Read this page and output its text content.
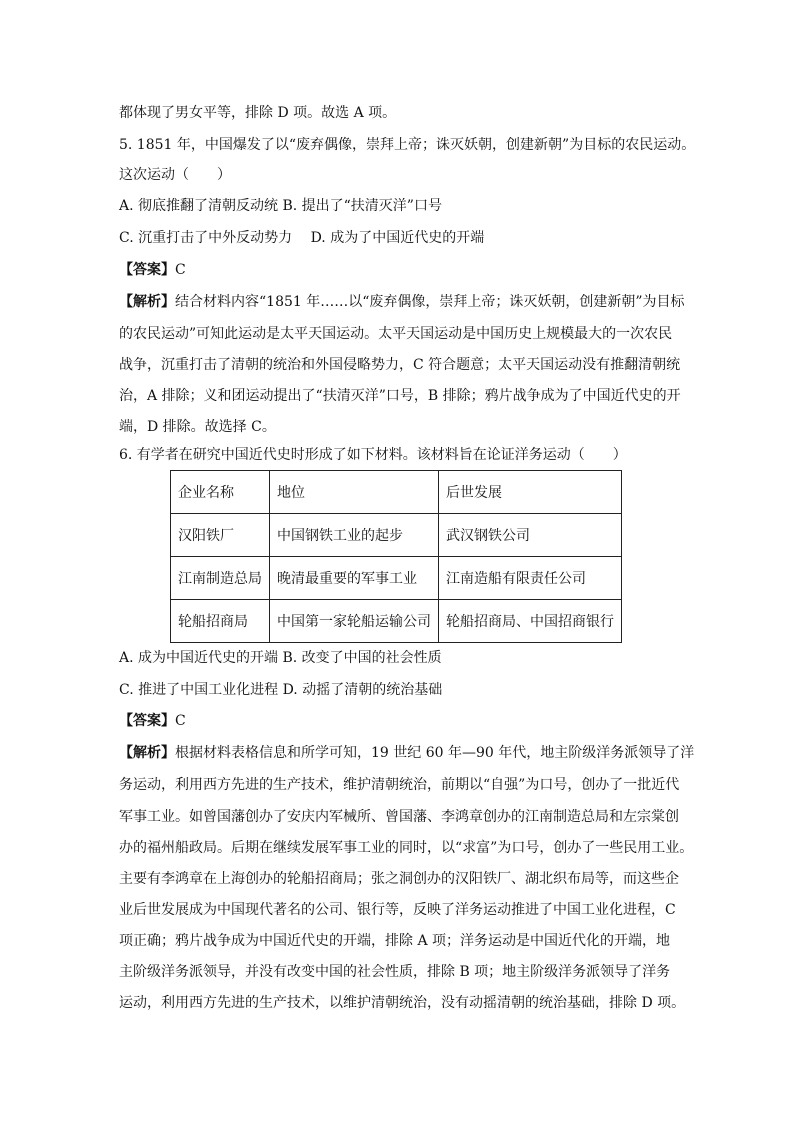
都体现了男女平等，排除 D 项。故选 A 项。
5. 1851 年，中国爆发了以“废弃偶像，崇拜上帝；诛灭妖朝，创建新朝”为目标的农民运动。
这次运动（　　）
A. 彻底推翻了清朝反动统 B. 提出了“扶清灭洋”口号
C. 沉重打击了中外反动势力　 D. 成为了中国近代史的开端
【答案】C
【解析】结合材料内容“1851 年……以“废弃偶像，崇拜上帝；诛灭妖朝，创建新朝”为目标
的农民运动”可知此运动是太平天国运动。太平天国运动是中国历史上规模最大的一次农民
战争，沉重打击了清朝的统治和外国侵略势力，C 符合题意；太平天国运动没有推翻清朝统
治，A 排除；义和团运动提出了“扶清灭洋”口号，B 排除；鸦片战争成为了中国近代史的开
端，D 排除。故选择 C。
6. 有学者在研究中国近代史时形成了如下材料。该材料旨在论证洋务运动（　　）
企业名称	地位	后世发展
汉阳铁厂	中国钢铁工业的起步	武汉钢铁公司
江南制造总局	晚清最重要的军事工业	江南造船有限责任公司
轮船招商局	中国第一家轮船运输公司	轮船招商局、中国招商银行
A. 成为中国近代史的开端 B. 改变了中国的社会性质
C. 推进了中国工业化进程 D. 动摇了清朝的统治基础
【答案】C
【解析】根据材料表格信息和所学可知，19 世纪 60 年—90 年代，地主阶级洋务派领导了洋
务运动，利用西方先进的生产技术，维护清朝统治，前期以“自强”为口号，创办了一批近代
军事工业。如曾国藩创办了安庆内军械所、曾国藩、李鸿章创办的江南制造总局和左宗棠创
办的福州船政局。后期在继续发展军事工业的同时，以“求富”为口号，创办了一些民用工业。
主要有李鸿章在上海创办的轮船招商局；张之洞创办的汉阳铁厂、湖北织布局等，而这些企
业后世发展成为中国现代著名的公司、银行等，反映了洋务运动推进了中国工业化进程，C
项正确；鸦片战争成为中国近代史的开端，排除 A 项；洋务运动是中国近代化的开端，地
主阶级洋务派领导，并没有改变中国的社会性质，排除 B 项；地主阶级洋务派领导了洋务
运动，利用西方先进的生产技术，以维护清朝统治，没有动摇清朝的统治基础，排除 D 项。
